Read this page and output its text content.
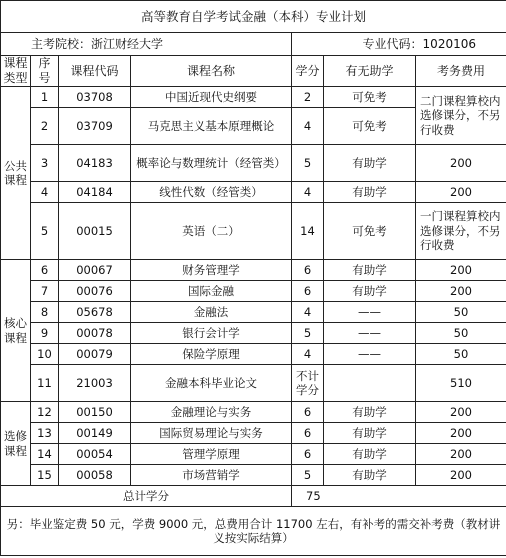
高等教育自学考试金融（本科）专业计划						
主考院校：浙江财经大学				专业代码：1020106		
课程类型	序号	课程代码	课程名称	学分	有无助学	考务费用
公共课程	1	03708	中国近现代史纲要	2	可免考	二门课程算校内选修课分，不另行收费
	2	03709	马克思主义基本原理概论	4	可免考	
	3	04183	概率论与数理统计（经管类）	5	有助学	200
	4	04184	线性代数（经管类）	4	有助学	200
	5	00015	英语（二）	14	可免考	一门课程算校内选修课分，不另行收费
核心课程	6	00067	财务管理学	6	有助学	200
	7	00076	国际金融	6	有助学	200
	8	05678	金融法	4	——	50
	9	00078	银行会计学	5	——	50
	10	00079	保险学原理	4	——	50
	11	21003	金融本科毕业论文	不计学分		510
选修课程	12	00150	金融理论与实务	6	有助学	200
	13	00149	国际贸易理论与实务	6	有助学	200
	14	00054	管理学原理	6	有助学	200
	15	00058	市场营销学	5	有助学	200
总计学分				75		
另：毕业鉴定费 50 元，学费 9000 元，总费用合计 11700 左右，有补考的需交补考费（教材讲义按实际结算）						
